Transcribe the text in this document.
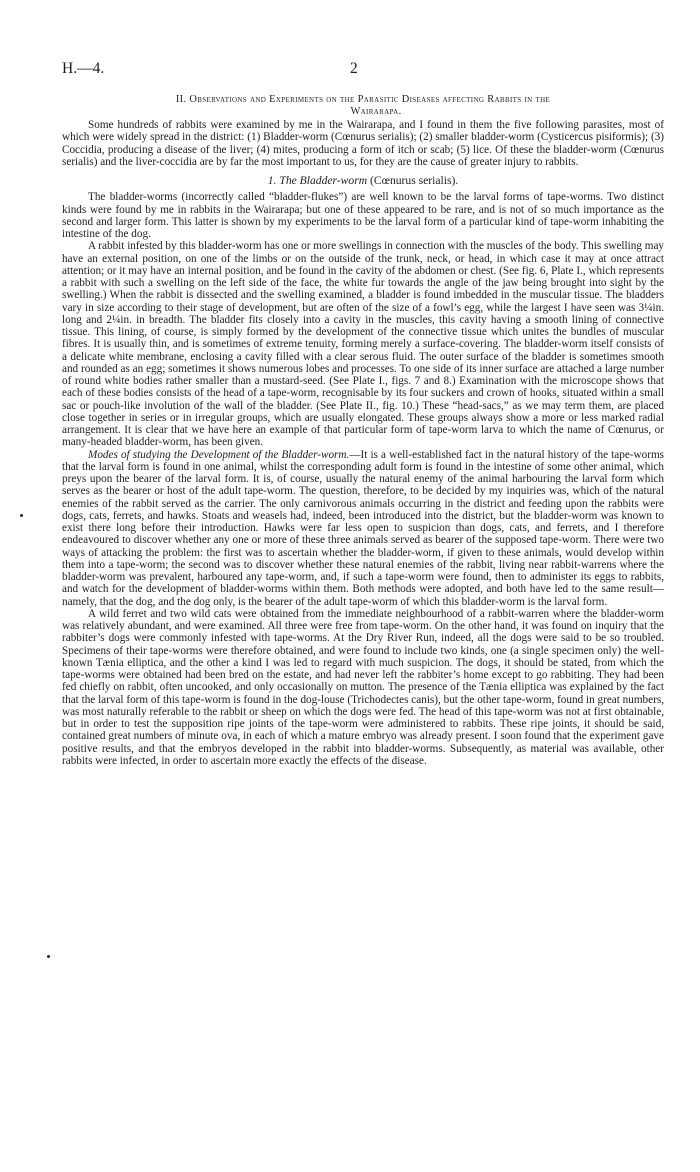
H.—4.	2
II. Observations and Experiments on the Parasitic Diseases affecting Rabbits in the
Wairarapa.

Some hundreds of rabbits were examined by me in the Wairarapa, and I found in them the five following parasites, most of which were widely spread in the district: (1) Bladder-worm (Cœnurus serialis); (2) smaller bladder-worm (Cysticercus pisiformis); (3) Coccidia, producing a disease of the liver; (4) mites, producing a form of itch or scab; (5) lice. Of these the bladder-worm (Cœnurus serialis) and the liver-coccidia are by far the most important to us, for they are the cause of greater injury to rabbits.

1. The Bladder-worm (Cœnurus serialis).

The bladder-worms (incorrectly called “bladder-flukes”) are well known to be the larval forms of tape-worms. Two distinct kinds were found by me in rabbits in the Wairarapa; but one of these appeared to be rare, and is not of so much importance as the second and larger form. This latter is shown by my experiments to be the larval form of a particular kind of tape-worm inhabiting the intestine of the dog.

A rabbit infested by this bladder-worm has one or more swellings in connection with the muscles of the body. This swelling may have an external position, on one of the limbs or on the outside of the trunk, neck, or head, in which case it may at once attract attention; or it may have an internal position, and be found in the cavity of the abdomen or chest. (See fig. 6, Plate I., which represents a rabbit with such a swelling on the left side of the face, the white fur towards the angle of the jaw being brought into sight by the swelling.) When the rabbit is dissected and the swelling examined, a bladder is found imbedded in the muscular tissue. The bladders vary in size according to their stage of development, but are often of the size of a fowl’s egg, while the largest I have seen was 3¼in. long and 2¼in. in breadth. The bladder fits closely into a cavity in the muscles, this cavity having a smooth lining of connective tissue. This lining, of course, is simply formed by the development of the connective tissue which unites the bundles of muscular fibres. It is usually thin, and is sometimes of extreme tenuity, forming merely a surface-covering. The bladder-worm itself consists of a delicate white membrane, enclosing a cavity filled with a clear serous fluid. The outer surface of the bladder is sometimes smooth and rounded as an egg; sometimes it shows numerous lobes and processes. To one side of its inner surface are attached a large number of round white bodies rather smaller than a mustard-seed. (See Plate I., figs. 7 and 8.) Examination with the microscope shows that each of these bodies consists of the head of a tape-worm, recognisable by its four suckers and crown of hooks, situated within a small sac or pouch-like involution of the wall of the bladder. (See Plate II., fig. 10.) These “head-sacs,” as we may term them, are placed close together in series or in irregular groups, which are usually elongated. These groups always show a more or less marked radial arrangement. It is clear that we have here an example of that particular form of tape-worm larva to which the name of Cœnurus, or many-headed bladder-worm, has been given.

Modes of studying the Development of the Bladder-worm.—It is a well-established fact in the natural history of the tape-worms that the larval form is found in one animal, whilst the corresponding adult form is found in the intestine of some other animal, which preys upon the bearer of the larval form. It is, of course, usually the natural enemy of the animal harbouring the larval form which serves as the bearer or host of the adult tape-worm. The question, therefore, to be decided by my inquiries was, which of the natural enemies of the rabbit served as the carrier. The only carnivorous animals occurring in the district and feeding upon the rabbits were dogs, cats, ferrets, and hawks. Stoats and weasels had, indeed, been introduced into the district, but the bladder-worm was known to exist there long before their introduction. Hawks were far less open to suspicion than dogs, cats, and ferrets, and I therefore endeavoured to discover whether any one or more of these three animals served as bearer of the supposed tape-worm. There were two ways of attacking the problem: the first was to ascertain whether the bladder-worm, if given to these animals, would develop within them into a tape-worm; the second was to discover whether these natural enemies of the rabbit, living near rabbit-warrens where the bladder-worm was prevalent, harboured any tape-worm, and, if such a tape-worm were found, then to administer its eggs to rabbits, and watch for the development of bladder-worms within them. Both methods were adopted, and both have led to the same result—namely, that the dog, and the dog only, is the bearer of the adult tape-worm of which this bladder-worm is the larval form.

A wild ferret and two wild cats were obtained from the immediate neighbourhood of a rabbit-warren where the bladder-worm was relatively abundant, and were examined. All three were free from tape-worm. On the other hand, it was found on inquiry that the rabbiter’s dogs were commonly infested with tape-worms. At the Dry River Run, indeed, all the dogs were said to be so troubled. Specimens of their tape-worms were therefore obtained, and were found to include two kinds, one (a single specimen only) the well-known Tænia elliptica, and the other a kind I was led to regard with much suspicion. The dogs, it should be stated, from which the tape-worms were obtained had been bred on the estate, and had never left the rabbiter’s home except to go rabbiting. They had been fed chiefly on rabbit, often uncooked, and only occasionally on mutton. The presence of the Tænia elliptica was explained by the fact that the larval form of this tape-worm is found in the dog-louse (Trichodectes canis), but the other tape-worm, found in great numbers, was most naturally referable to the rabbit or sheep on which the dogs were fed. The head of this tape-worm was not at first obtainable, but in order to test the supposition ripe joints of the tape-worm were administered to rabbits. These ripe joints, it should be said, contained great numbers of minute ova, in each of which a mature embryo was already present. I soon found that the experiment gave positive results, and that the embryos developed in the rabbit into bladder-worms. Subsequently, as material was available, other rabbits were infected, in order to ascertain more exactly the effects of the disease.
